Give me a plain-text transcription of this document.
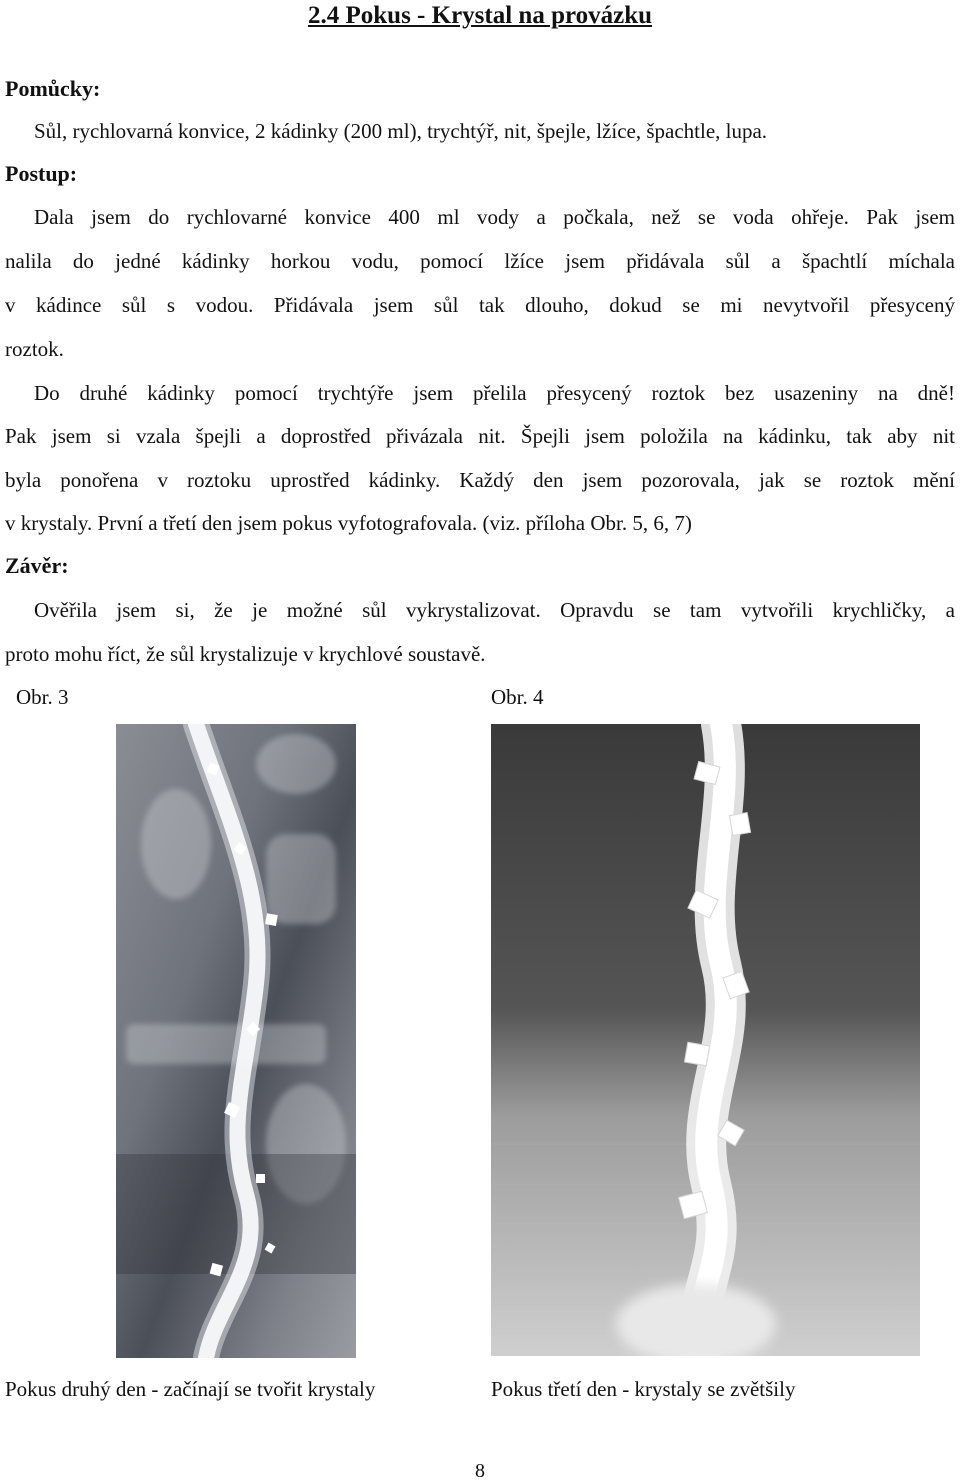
2.4 Pokus - Krystal na provázku
Pomůcky:
Sůl, rychlovarná konvice, 2 kádinky (200 ml), trychtýř, nit, špejle, lžíce, špachtle, lupa.
Postup:
Dala jsem do rychlovarné konvice 400 ml vody a počkala, než se voda ohřeje. Pak jsem
nalila do jedné kádinky horkou vodu, pomocí lžíce jsem přidávala sůl a špachtlí míchala
v kádince sůl s vodou. Přidávala jsem sůl tak dlouho, dokud se mi nevytvořil přesycený
roztok.
Do druhé kádinky pomocí trychtýře jsem přelila přesycený roztok bez usazeniny na dně!
Pak jsem si vzala špejli a doprostřed přivázala nit. Špejli jsem položila na kádinku, tak aby nit
byla ponořena v roztoku uprostřed kádinky. Každý den jsem pozorovala, jak se roztok mění
v krystaly. První a třetí den jsem pokus vyfotografovala. (viz. příloha Obr. 5, 6, 7)
Závěr:
Ověřila jsem si, že je možné sůl vykrystalizovat. Opravdu se tam vytvořili krychličky, a
proto mohu říct, že sůl krystalizuje v krychlové soustavě.
Obr. 3	Obr. 4
Pokus druhý den - začínají se tvořit krystaly	Pokus třetí den - krystaly se zvětšily
8
